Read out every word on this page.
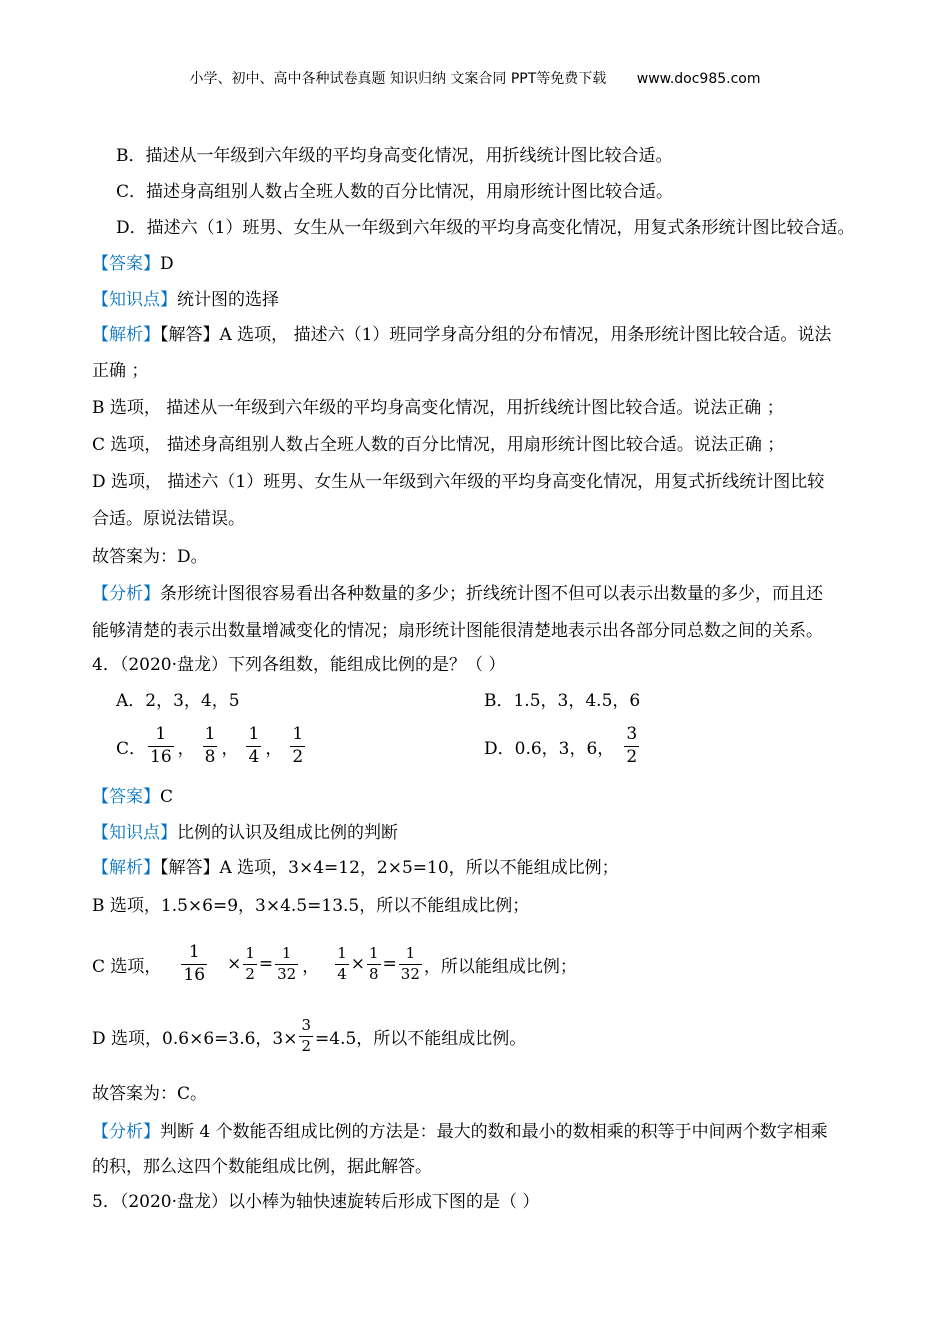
小学、初中、高中各种试卷真题 知识归纳 文案合同 PPT等免费下载 www.doc985.com
B．描述从一年级到六年级的平均身高变化情况，用折线统计图比较合适。
C．描述身高组别人数占全班人数的百分比情况，用扇形统计图比较合适。
D．描述六（1）班男、女生从一年级到六年级的平均身高变化情况，用复式条形统计图比较合适。
【答案】D
【知识点】统计图的选择
【解析】【解答】A 选项， 描述六（1）班同学身高分组的分布情况，用条形统计图比较合适。说法
正确 ；
B 选项， 描述从一年级到六年级的平均身高变化情况，用折线统计图比较合适。说法正确 ；
C 选项， 描述身高组别人数占全班人数的百分比情况，用扇形统计图比较合适。说法正确 ；
D 选项， 描述六（1）班男、女生从一年级到六年级的平均身高变化情况，用复式折线统计图比较
合适。原说法错误。
故答案为：D。
【分析】条形统计图很容易看出各种数量的多少；折线统计图不但可以表示出数量的多少，而且还
能够清楚的表示出数量增减变化的情况；扇形统计图能很清楚地表示出各部分同总数之间的关系。
4．（2020·盘龙）下列各组数，能组成比例的是？（ ）
A．2，3，4，5	B．1.5，3，4.5，6
C． $\frac{1}{16}$ ， $\frac{1}{8}$ ， $\frac{1}{4}$ ， $\frac{1}{2}$	D．0.6，3，6， $\frac{3}{2}$
【答案】C
【知识点】比例的认识及组成比例的判断
【解析】【解答】A 选项，3×4=12，2×5=10，所以不能组成比例；
B 选项，1.5×6=9，3×4.5=13.5，所以不能组成比例；
C 选项， $\frac{1}{16} \times \frac{1}{2} = \frac{1}{32}$ ， $\frac{1}{4} \times \frac{1}{8} = \frac{1}{32}$ ，所以能组成比例；
D 选项，0.6×6=3.6，$3\times \frac{3}{2} =4.5$，所以不能组成比例。
故答案为：C。
【分析】判断 4 个数能否组成比例的方法是：最大的数和最小的数相乘的积等于中间两个数字相乘
的积，那么这四个数能组成比例，据此解答。
5．（2020·盘龙）以小棒为轴快速旋转后形成下图的是（ ）
